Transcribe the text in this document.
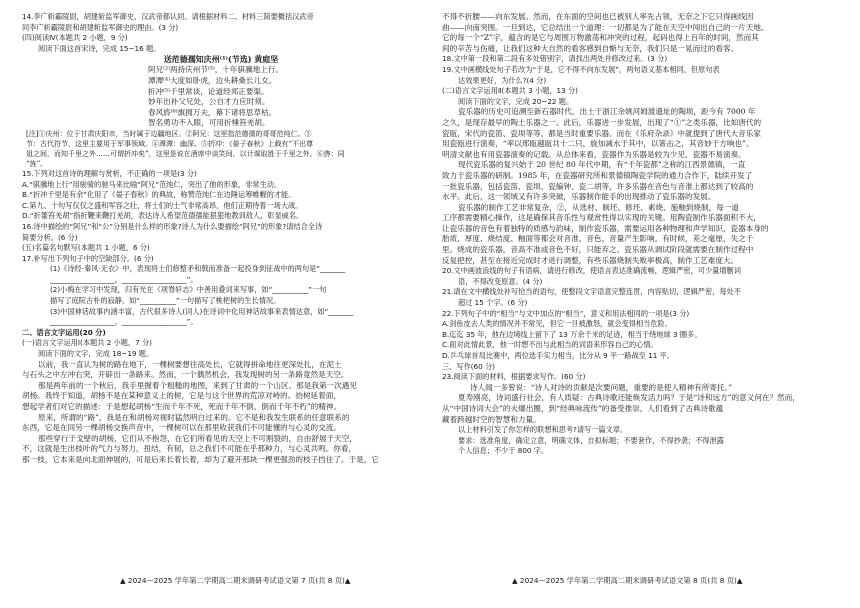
14.李广斩霸陵尉，胡建斩监军御史，汉武帝都认同。请根据材料二、材料三简要概括汉武帝
同李广斩霸陵尉和胡建斩监军御史的理由。(3 分)
(四)阅读Ⅳ(本题共 2 小题，9 分)
阅读下面这首宋诗，完成 15~16 题。
送范德孺知庆州⁽¹⁾(节选) 黄庭坚
阿兄⁽²⁾两持庆州节⁽³⁾，十年骐骥地上行。
潭潭⁽⁴⁾大度如卧虎，边头耕桑长儿女。
折冲⁽⁵⁾千里常谈，论道经邦正要渠。
妙年出补父兄处，公自才力应时须。
春风旍⁽⁶⁾旗拥万夫，幕下诸将思草枯。
智名勇功不入眼，可用折棰笞羌胡。
[注]①庆州：位于甘肃庆阳市，当时属于边疆地区。②阿兄：这里指范德孺的哥哥范纯仁。③
节：古代符节，这里主要用于军事领域。④潭潭：幽深。⑤折冲：《晏子春秋》上载有“不出尊
俎之间，而知千里之外……可谓折冲矣”，这里是说在酒席中谈笑间，以计谋取胜于千里之外。⑥旍：同
“旌”。
15.下列对这首诗的理解与赏析，不正确的一项是(3 分)
A.“骐骥地上行”用骏骑的驰马来比喻“阿兄”范纯仁，突出了他的形象，非常生动。
B.“折冲千里是有余”化用了《晏子春秋》的典故，称赞范纯仁在边陲运筹帷幄的才能。
C.第九、十句写仅仅之盛和军容之壮，将士们的士气非常高昂，他们正期待着一场大战。
D.“折箠笞羌胡”指折鞭来鞭打羌胡，表达诗人希望范德孺能狠狠地教训敌人，彰显威名。
16.诗中描绘的“阿兄”和“公”分别是什么样的形象?诗人为什么要描绘“阿兄”的形象?请结合全诗
简要分析。(6 分)
(五)名篇名句默写(本题共 1 小题，6 分)
17.补写出下列句子中的空缺部分。(6 分)
(1)《诗经·秦风·无衣》中，表现将士们修整矛和戟而准备一起投身到征战中的两句是“_______
__________________，__________________”。
(2)小梅在学习中发现，归有光在《项脊轩志》中善用叠词来写事，如“__________”一句
描写了庭院古朴的寂静，如“__________”一句描写了桃杷树的生长情况。
(3)中国神话故事内涵丰富，古代很多诗人(词人)在诗词中化用神话故事来表情达意，如“_______
__________________，__________________”。
二、语言文字运用(20 分)
(一)语言文字运用Ⅰ(本题共 2 小题，7 分)
阅读下面的文字，完成 18~19 题。
以前，我一直认为树的路在地下，一棵树要想往高处长，它就得拼命地往更深处扎，在泥土
与石头之中左冲右突，开辟出一条路来。然而，一个偶然机会，我发现树的另一条路竟然是天空。
那是两年前的一个秋后，我手里握着个粗糙的地图，来到了甘肃的一个山区。那是我第一次遇见
胡杨。我终于知道，胡杨不是在某种意义上的树，它是与这个世界的荒凉对峙的。抬树延着面，
想起学者们对它的描述：于是想起胡杨“生而千年不死，死而千年不倒，倒而千年不朽”的精神。
原来，所谓的“路”，我是在和胡杨对视时猛然明白过来的。它不是和我发生联系的任意联系的
东西，它是在同另一棵胡杨交换声音中，一棵树可以在那里收获我们不可能懂的与心灵的交流。
那些穿行于戈壁的胡杨，它们从不抱怨，在它们所看见的天空上不可割裂的，自由舒展于天空，
不，这就是生出枝叶的气力与努力，扭结，有韧，总之我们不可能在乎那种力，与心灵共鸣。你看，
那一枝，它本来是向北面伸展的，可是后来长着长着，却为了避开那块一棵更强劲的枝子挡住了。于是，它
不得不折腰——向东发展。然而，在东面的空间也已被别人率先占领，无奈之下它只得画线因
曲——向南突围。一旦到达，它总结出一个道理：一切都是为了能在天空中闯出自己的一片天地。
它的每一个“Z”字，蕴含的是它与周围万物激荡和冲突的过程，起码也得上百年的时间，然而其
间的辛苦与伤痛，让我们这种大自然的看客感到自惭与无奈，我们只是一晃而过的看客。
18.文中第一段和第二段有多处错别字，请找出两处并修改过来。(3 分)
19.文中画横线处句子若改为“于是，它不得不向东发展”，两句语义基本相同，但原句表
达效果更好，为什么?(4 分)
(二)语言文字运用Ⅱ(本题共 3 小题，13 分)
阅读下面的文字，完成 20~22 题。
瓷乐器的历史可追溯至新石器时代。出土于浙江余姚河姆渡遗址的陶埙，距今有 7000 年
之久，是现存最早的陶土乐器之一。此后，乐器进一步发展，出现了“①”之类乐器，比如唐代的
瓷瓯，宋代的瓷笛、瓷埙等等，都是当时重要乐器。而在《乐府杂录》中就提到了唐代大音乐家
用瓷瓯进行演奏，“率以邢瓯越瓯共十二只，旋加减水于其中，以箸击之，其音妙于方响也”。
明清文献也有用瓷器演奏的记载。从总体来看，瓷器作为乐器是较为少见，瓷器不易演奏。
现代瓷乐器的复兴始于 20 世纪 80 年代中期，有“千年瓷都”之称的江西景德镇，一直
致力于瓷乐器的研制。1985 年，在瓷器研究所和景德镇陶瓷学院的通力合作下，陆续开发了
一批瓷乐器，包括瓷笛、瓷埙、瓷编钟、瓷二胡等，许多乐器在音色与音准上都达到了较高的
水平。此后，这一领域又有许多突破，乐器制作能手的出现推动了瓷乐器的发展。
瓷乐器的制作工艺非常复杂，②，从选材、制坯、修坯、素烧、施釉到烧制，每一道
工序都需要精心操作，这是确保其音乐性与观赏性得以实现的关键。用陶瓷制作乐器面积不大，
让瓷乐器的音色有着独特的质感与韵味，制作瓷乐器，需要运用各种物理和声学知识，瓷器本身的
胎质、厚度、烧结度、釉面等都会对音准、音色、音量产生影响。有时候，差之毫厘，失之千
里。烧成的瓷乐器，音高不准或音色不好，只能弃之。瓷乐器从调试阶段就需要在制作过程中
反复把控，甚至在接近完成时才进行调整，有些乐器烧制失败率极高，制作工艺难度大。
20.文中画波浪线的句子有语病，请进行修改，使语言表达准确流畅，逻辑严密，可少量增删词
语，不得改变原意。(4 分)
21.请在文中横线处补写恰当的语句，使整段文字语意完整连贯，内容贴切，逻辑严密，每处不
超过 15 个字。(6 分)
22.下列句子中的“相当”与文中加点的“相当”，意义和用法相同的一项是(3 分)
A.剑鱼皮去人类的情况并不常见，但它一旦被激怒，就会变得相当危险。
B.迄迄 35 年，他在边境线上留下了 13 万余千米的足迹，相当于绕地球 3 圈多。
C.面对此情此景，他一时想不出与此相当的词语来形容自己的心情。
D.乒乓球首局比赛中，两位选手实力相当，比分从 9 平一路战至 11 平。
三、写作(60 分)
23.阅读下面的材料，根据要求写作。(60 分)
诗人闻一多曾说：“诗人对诗的贡献是次要问题，重要的是使人精神有所寄托。”
夏寿刚亮，诗词盛行社会，有人质疑：古典诗歌还能焕发活力吗？于是“诗和远方”的意义何在？然而，
从“中国诗词大会”的火爆出圈，到“经典咏流传”的备受推崇，人们看到了古典诗歌蕴
藏着跨越时空的智慧和力量。
以上材料引发了你怎样的联想和思考?请写一篇文章。
要求：选准角度，确定立意，明确文体，自拟标题；不要套作，不得抄袭；不得泄露
个人信息；不少于 800 字。
▲ 2024—2025 学年第二学期高二期末调研考试语文第 7 页(共 8 页)▲	▲ 2024—2025 学年第二学期高二期末调研考试语文第 8 页(共 8 页)▲
